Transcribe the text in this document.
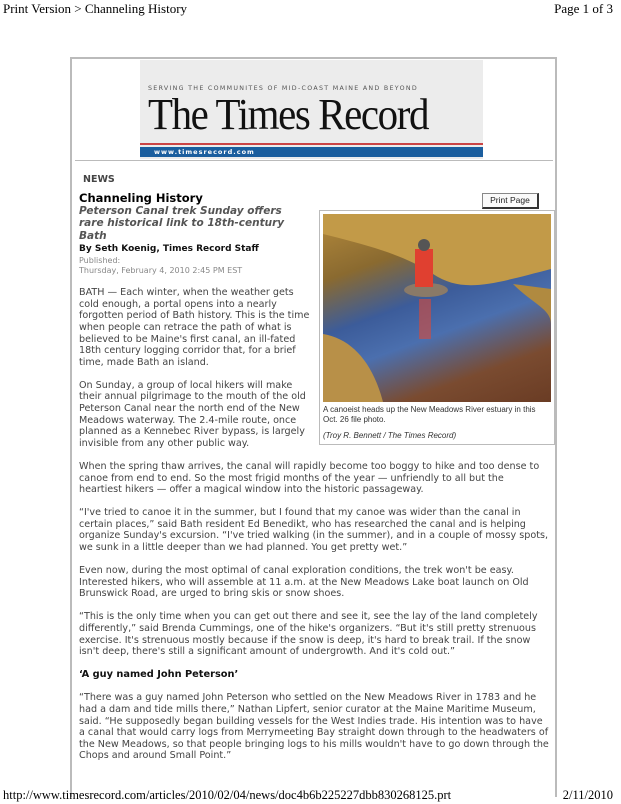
Print Version > Channeling History	Page 1 of 3
SERVING THE COMMUNITES OF MID-COAST MAINE AND BEYOND
The Times Record
www.timesrecord.com
Print Page
NEWS
Channeling History
Peterson Canal trek Sunday offers rare historical link to 18th-century Bath
By Seth Koenig, Times Record Staff
Published:
Thursday, February 4, 2010 2:45 PM EST
A canoeist heads up the New Meadows River estuary in this Oct. 26 file photo.
(Troy R. Bennett / The Times Record)

BATH — Each winter, when the weather gets cold enough, a portal opens into a nearly forgotten period of Bath history. This is the time when people can retrace the path of what is believed to be Maine's first canal, an ill-fated 18th century logging corridor that, for a brief time, made Bath an island.

On Sunday, a group of local hikers will make their annual pilgrimage to the mouth of the old Peterson Canal near the north end of the New Meadows waterway. The 2.4-mile route, once planned as a Kennebec River bypass, is largely invisible from any other public way.

When the spring thaw arrives, the canal will rapidly become too boggy to hike and too dense to canoe from end to end. So the most frigid months of the year — unfriendly to all but the heartiest hikers — offer a magical window into the historic passageway.

“I've tried to canoe it in the summer, but I found that my canoe was wider than the canal in certain places,” said Bath resident Ed Benedikt, who has researched the canal and is helping organize Sunday's excursion. “I've tried walking (in the summer), and in a couple of mossy spots, we sunk in a little deeper than we had planned. You get pretty wet.”

Even now, during the most optimal of canal exploration conditions, the trek won't be easy. Interested hikers, who will assemble at 11 a.m. at the New Meadows Lake boat launch on Old Brunswick Road, are urged to bring skis or snow shoes.

“This is the only time when you can get out there and see it, see the lay of the land completely differently,” said Brenda Cummings, one of the hike's organizers. “But it's still pretty strenuous exercise. It's strenuous mostly because if the snow is deep, it's hard to break trail. If the snow isn't deep, there's still a significant amount of undergrowth. And it's cold out.”

‘A guy named John Peterson’

“There was a guy named John Peterson who settled on the New Meadows River in 1783 and he had a dam and tide mills there,” Nathan Lipfert, senior curator at the Maine Maritime Museum, said. “He supposedly began building vessels for the West Indies trade. His intention was to have a canal that would carry logs from Merrymeeting Bay straight down through to the headwaters of the New Meadows, so that people bringing logs to his mills wouldn't have to go down through the Chops and around Small Point.”

http://www.timesrecord.com/articles/2010/02/04/news/doc4b6b225227dbb830268125.prt	2/11/2010
